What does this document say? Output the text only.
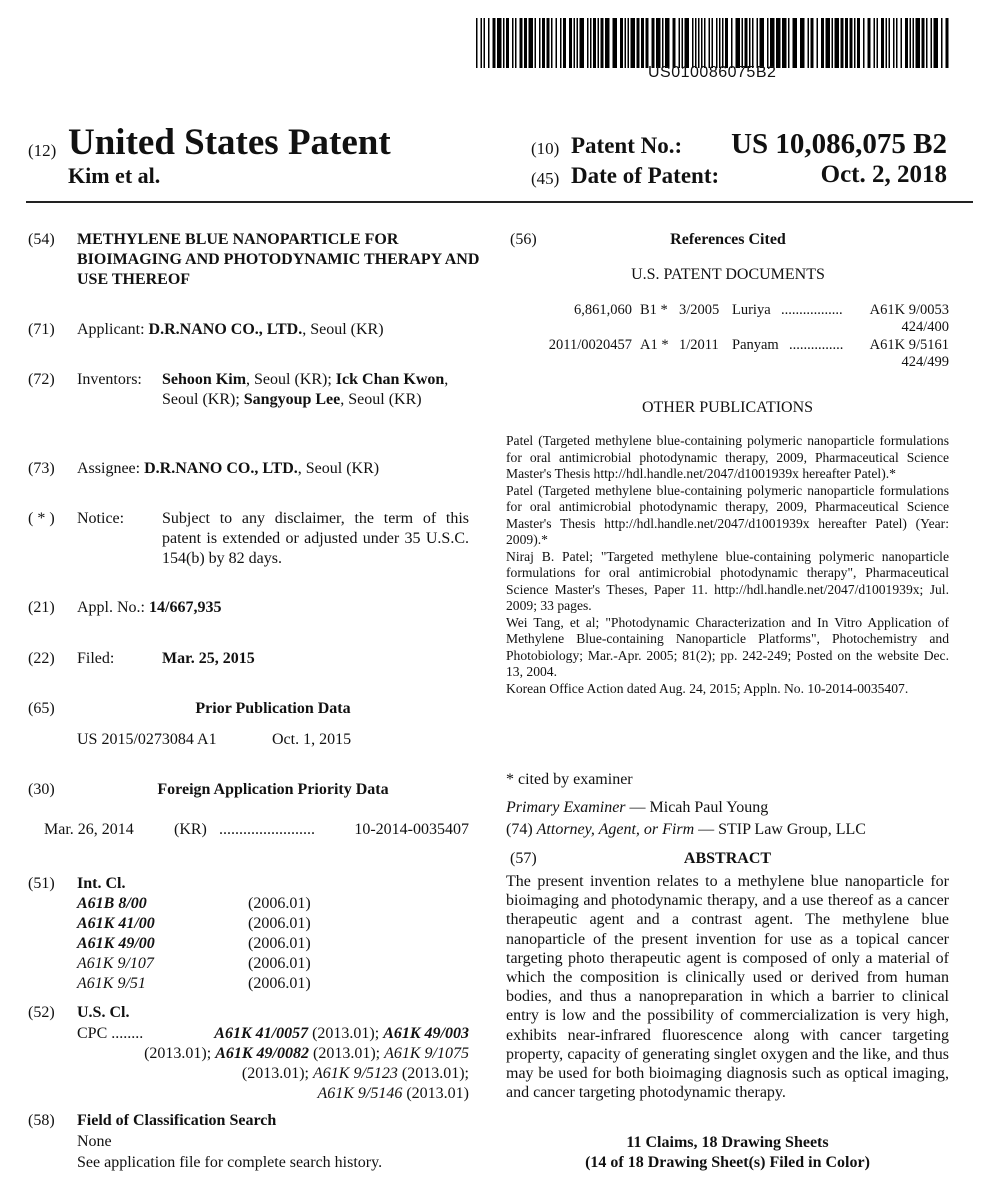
US010086075B2
(12) United States Patent
Kim et al.
(10) Patent No.: US 10,086,075 B2
(45) Date of Patent:	Oct. 2, 2018
(54) METHYLENE BLUE NANOPARTICLE FOR BIOIMAGING AND PHOTODYNAMIC THERAPY AND USE THEREOF
(71) Applicant: D.R.NANO CO., LTD., Seoul (KR)
(72) Inventors: Sehoon Kim, Seoul (KR); Ick Chan Kwon, Seoul (KR); Sangyoup Lee, Seoul (KR)
(73) Assignee: D.R.NANO CO., LTD., Seoul (KR)
( * ) Notice: Subject to any disclaimer, the term of this patent is extended or adjusted under 35 U.S.C. 154(b) by 82 days.
(21) Appl. No.: 14/667,935
(22) Filed:	Mar. 25, 2015
(65)	Prior Publication Data
US 2015/0273084 A1	Oct. 1, 2015
(30)	Foreign Application Priority Data
Mar. 26, 2014	(KR) ........................ 10-2014-0035407
(51) Int. Cl.
A61B 8/00	(2006.01)
A61K 41/00	(2006.01)
A61K 49/00	(2006.01)
A61K 9/107	(2006.01)
A61K 9/51	(2006.01)
(52) U.S. Cl.
CPC ........	A61K 41/0057 (2013.01); A61K 49/003
(2013.01); A61K 49/0082 (2013.01); A61K 9/1075 (2013.01); A61K 9/5123 (2013.01);
A61K 9/5146 (2013.01)
(58) Field of Classification Search
None
See application file for complete search history.
(56)	References Cited
U.S. PATENT DOCUMENTS
6,861,060 B1 * 3/2005 Luriya ................. A61K 9/0053
424/400
2011/0020457 A1 * 1/2011 Panyam ............... A61K 9/5161
424/499
OTHER PUBLICATIONS
Patel (Targeted methylene blue-containing polymeric nanoparticle formulations for oral antimicrobial photodynamic therapy, 2009, Pharmaceutical Science Master's Thesis http://hdl.handle.net/2047/d1001939x hereafter Patel).*
Patel (Targeted methylene blue-containing polymeric nanoparticle formulations for oral antimicrobial photodynamic therapy, 2009, Pharmaceutical Science Master's Thesis http://hdl.handle.net/2047/d1001939x hereafter Patel) (Year: 2009).*
Niraj B. Patel; "Targeted methylene blue-containing polymeric nanoparticle formulations for oral antimicrobial photodynamic therapy", Pharmaceutical Science Master's Theses, Paper 11. http://hdl.handle.net/2047/d1001939x; Jul. 2009; 33 pages.
Wei Tang, et al; "Photodynamic Characterization and In Vitro Application of Methylene Blue-containing Nanoparticle Platforms", Photochemistry and Photobiology; Mar.-Apr. 2005; 81(2); pp. 242-249; Posted on the website Dec. 13, 2004.
Korean Office Action dated Aug. 24, 2015; Appln. No. 10-2014-0035407.
* cited by examiner
Primary Examiner — Micah Paul Young
(74) Attorney, Agent, or Firm — STIP Law Group, LLC
(57)	ABSTRACT
The present invention relates to a methylene blue nanoparticle for bioimaging and photodynamic therapy, and a use thereof as a cancer therapeutic agent and a contrast agent. The methylene blue nanoparticle of the present invention for use as a topical cancer targeting photo therapeutic agent is composed of only a material of which the composition is clinically used or derived from human bodies, and thus a nanopreparation in which a barrier to clinical entry is low and the possibility of commercialization is very high, exhibits near-infrared fluorescence along with cancer targeting property, capacity of generating singlet oxygen and the like, and thus may be used for both bioimaging diagnosis such as optical imaging, and cancer targeting photodynamic therapy.
11 Claims, 18 Drawing Sheets
(14 of 18 Drawing Sheet(s) Filed in Color)
